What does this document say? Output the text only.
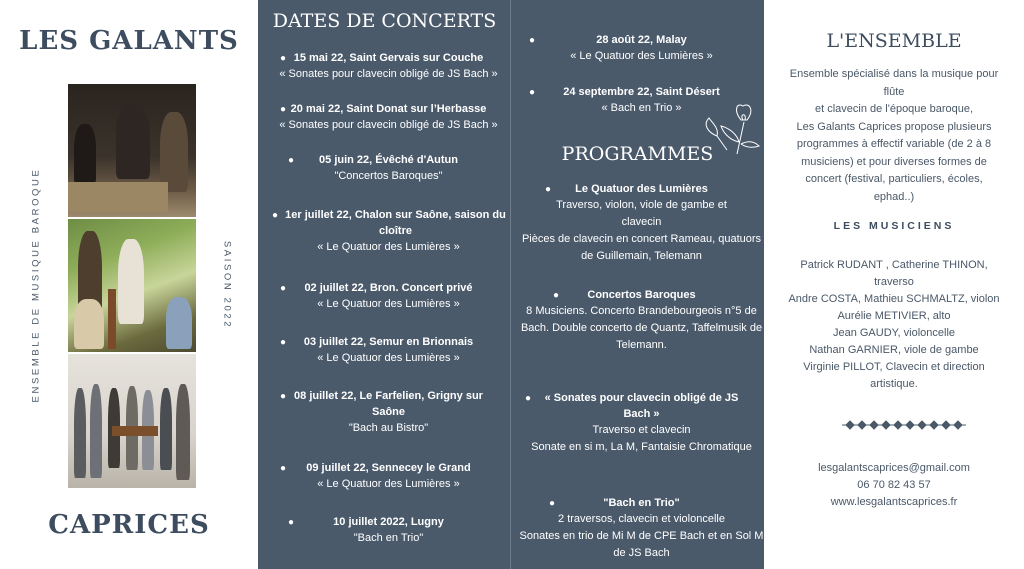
LES GALANTS
ENSEMBLE DE MUSIQUE BAROQUE	SAISON 2022
CAPRICES
DATES DE CONCERTS
● 15 mai 22, Saint Gervais sur Couche
« Sonates pour clavecin obligé de JS Bach »
● 20 mai 22, Saint Donat sur l’Herbasse
« Sonates pour clavecin obligé de JS Bach »
●	05 juin 22, Évêché d'Autun
"Concertos Baroques"
● 1er juillet 22, Chalon sur Saône, saison du cloître
« Le Quatuor des Lumières »
●	02 juillet 22, Bron. Concert privé
« Le Quatuor des Lumières »
●	03 juillet 22, Semur en Brionnais
« Le Quatuor des Lumières »
● 08 juillet 22, Le Farfelien, Grigny sur Saône
"Bach au Bistro"
●	09 juillet 22, Sennecey le Grand
« Le Quatuor des Lumières »
●	10 juillet 2022, Lugny
"Bach en Trio"
●	28 août 22, Malay
« Le Quatuor des Lumières »
●	24 septembre 22, Saint Désert
« Bach en Trio »
PROGRAMMES
●	Le Quatuor des Lumières
Traverso, violon, viole de gambe et clavecin
Pièces de clavecin en concert Rameau, quatuors de Guillemain, Telemann
●	Concertos Baroques
8 Musiciens. Concerto Brandebourgeois n°5 de Bach. Double concerto de Quantz, Taffelmusik de Telemann.
●	« Sonates pour clavecin obligé de JS Bach »
Traverso et clavecin
Sonate en si m, La M, Fantaisie Chromatique
●	"Bach en Trio"
2 traversos, clavecin et violoncelle
Sonates en trio de Mi M de CPE Bach et en Sol M de JS Bach
L'ENSEMBLE
Ensemble spécialisé dans la musique pour flûte
et clavecin de l'époque baroque,
Les Galants Caprices propose plusieurs
programmes à effectif variable (de 2 à 8
musiciens) et pour diverses formes de
concert (festival, particuliers, écoles,
ephad..)
LES MUSICIENS
Patrick RUDANT , Catherine THINON,
traverso
Andre COSTA, Mathieu SCHMALTZ, violon
Aurélie METIVIER, alto
Jean GAUDY, violoncelle
Nathan GARNIER, viole de gambe
Virginie PILLOT, Clavecin et direction
artistique.
lesgalantscaprices@gmail.com
06 70 82 43 57
www.lesgalantscaprices.fr
